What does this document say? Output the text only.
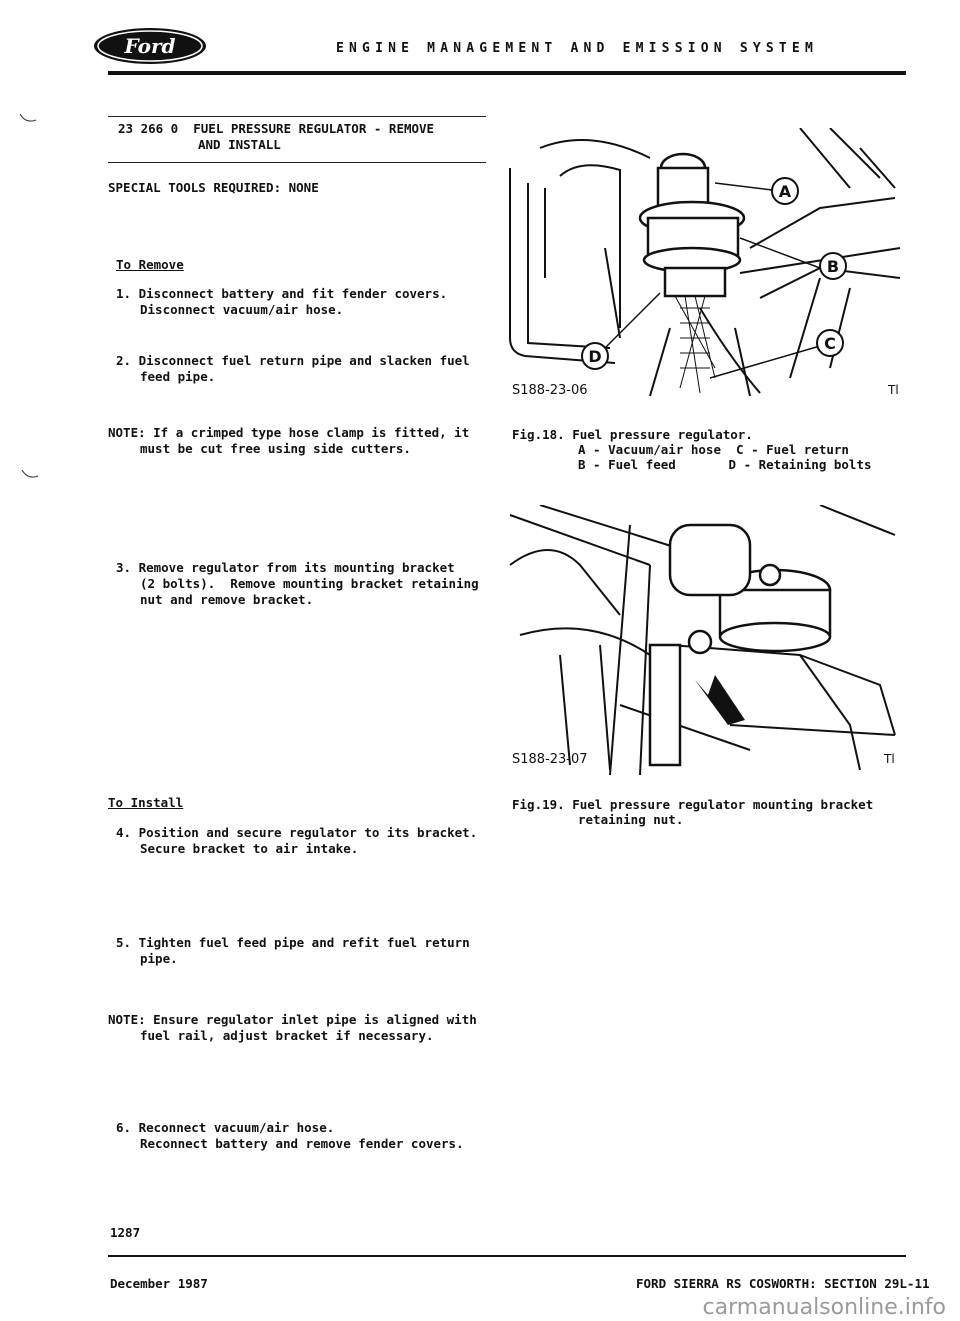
Ford	ENGINE MANAGEMENT AND EMISSION SYSTEM
23 266 0  FUEL PRESSURE REGULATOR - REMOVE
AND INSTALL
SPECIAL TOOLS REQUIRED: NONE
To Remove
1. Disconnect battery and fit fender covers.
Disconnect vacuum/air hose.
2. Disconnect fuel return pipe and slacken fuel
feed pipe.
NOTE: If a crimped type hose clamp is fitted, it
must be cut free using side cutters.
3. Remove regulator from its mounting bracket
(2 bolts).  Remove mounting bracket retaining
nut and remove bracket.
To Install
4. Position and secure regulator to its bracket.
Secure bracket to air intake.
5. Tighten fuel feed pipe and refit fuel return
pipe.
NOTE: Ensure regulator inlet pipe is aligned with
fuel rail, adjust bracket if necessary.
6. Reconnect vacuum/air hose.
Reconnect battery and remove fender covers.
1287
A
B
C
D
S188-23-06	Tl
Fig.18. Fuel pressure regulator.
A - Vacuum/air hose  C - Fuel return
B - Fuel feed       D - Retaining bolts
S188-23-07	Tl
Fig.19. Fuel pressure regulator mounting bracket
retaining nut.
December 1987	FORD SIERRA RS COSWORTH: SECTION 29L-11
carmanualsonline.info
